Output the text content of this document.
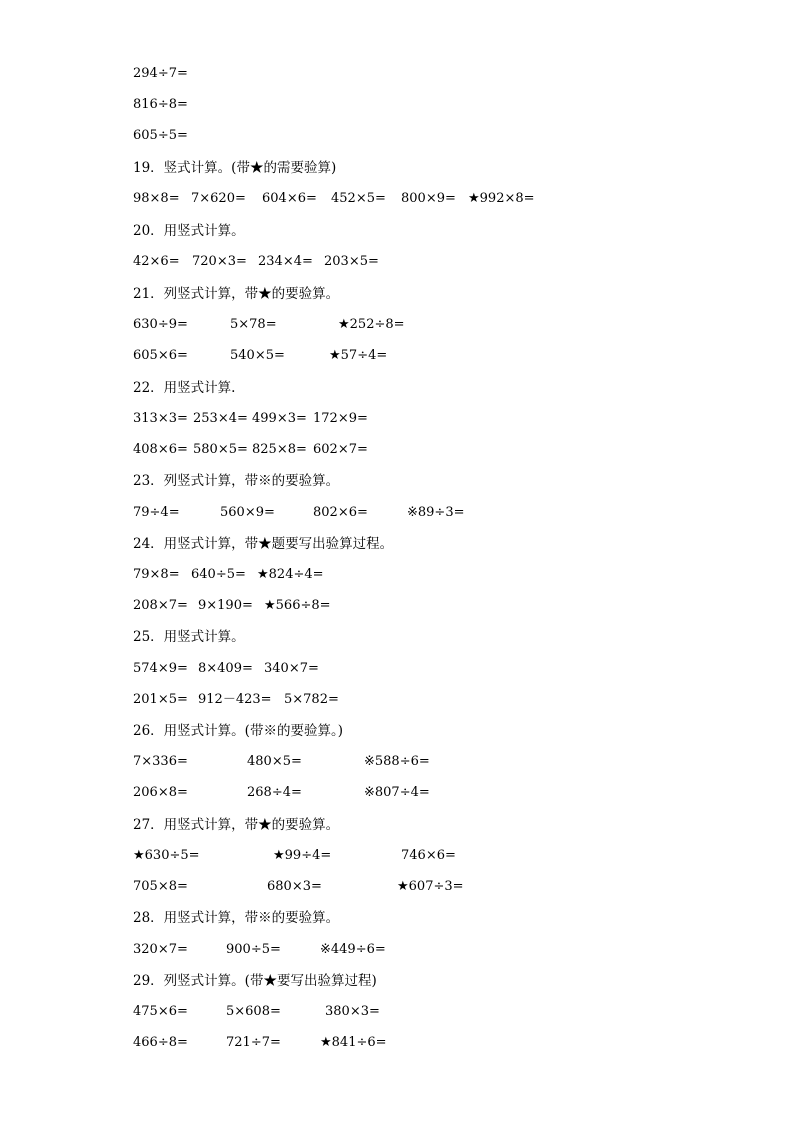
294÷7=
816÷8=
605÷5=
19．竖式计算。(带★的需要验算)
98×8= 7×620= 604×6= 452×5= 800×9= ★992×8=
20．用竖式计算。
42×6= 720×3= 234×4= 203×5=
21．列竖式计算，带★的要验算。
630÷9=	5×78=	★252÷8=
605×6=	540×5=	★57÷4=
22．用竖式计算.
313×3= 253×4= 499×3= 172×9=
408×6= 580×5= 825×8= 602×7=
23．列竖式计算，带※的要验算。
79÷4=	560×9=	802×6=	※89÷3=
24．用竖式计算，带★题要写出验算过程。
79×8= 640÷5= ★824÷4=
208×7= 9×190= ★566÷8=
25．用竖式计算。
574×9= 8×409= 340×7=
201×5= 912－423= 5×782=
26．用竖式计算。(带※的要验算。)
7×336=	480×5=	※588÷6=
206×8=	268÷4=	※807÷4=
27．用竖式计算，带★的要验算。
★630÷5=	★99÷4=	746×6=
705×8=	680×3=	★607÷3=
28．用竖式计算，带※的要验算。
320×7=	900÷5=	※449÷6=
29．列竖式计算。(带★要写出验算过程)
475×6=	5×608=	380×3=
466÷8=	721÷7=	★841÷6=
